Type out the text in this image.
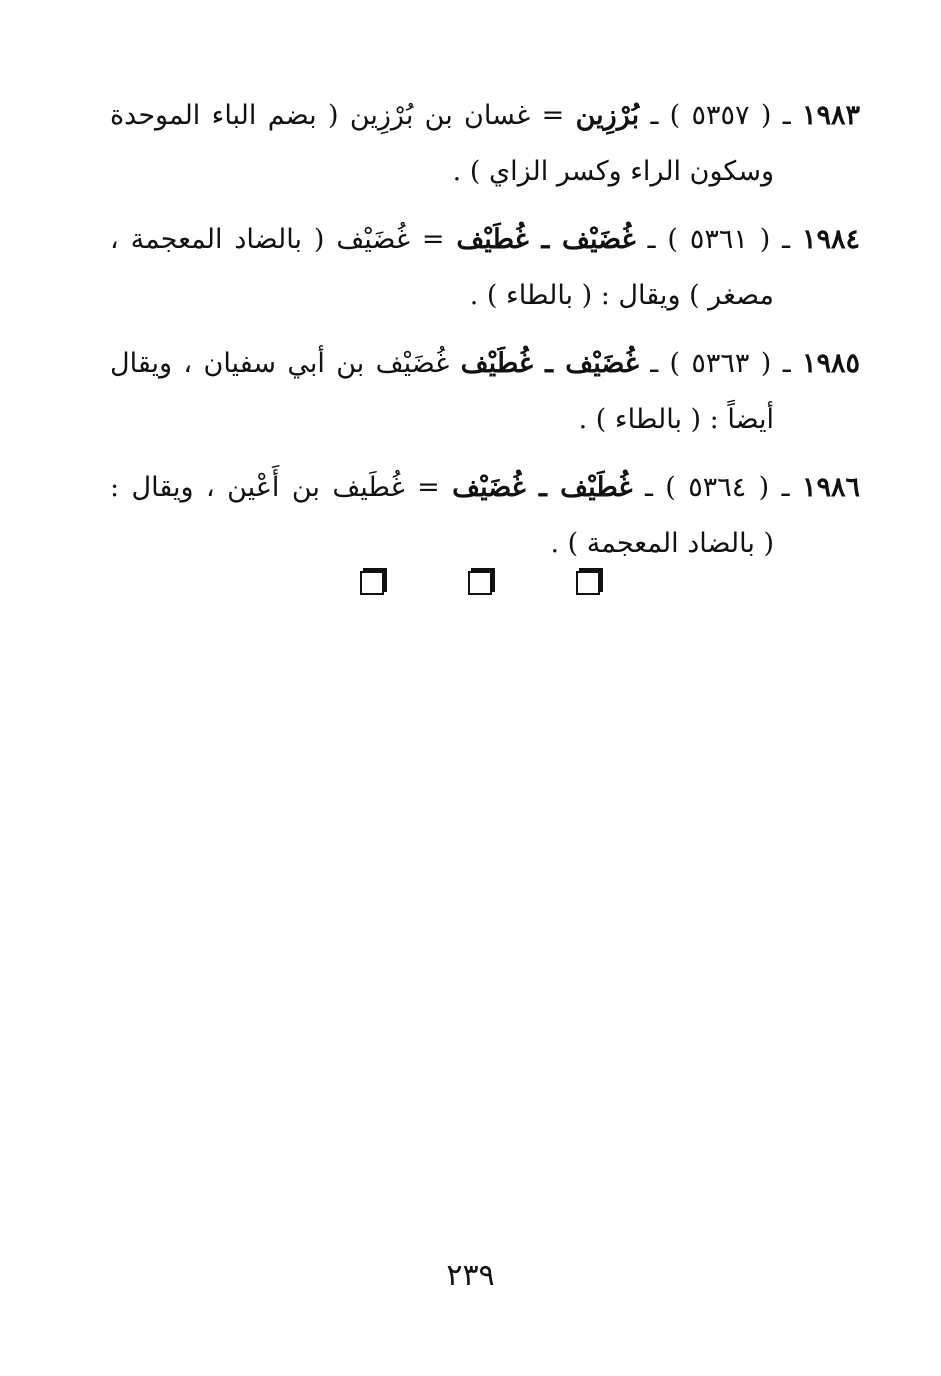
١٩٨٣ ـ ( ٥٣٥٧ ) ـ بُرْزِين = غسان بن بُرْزِين ( بضم الباء الموحدة
وسكون الراء وكسر الزاي ) .
١٩٨٤ ـ ( ٥٣٦١ ) ـ غُضَيْف ـ غُطَيْف = غُضَيْف ( بالضاد المعجمة ،
مصغر ) ويقال : ( بالطاء ) .
١٩٨٥ ـ ( ٥٣٦٣ ) ـ غُضَيْف ـ غُطَيْف غُضَيْف بن أبي سفيان ، ويقال
أيضاً : ( بالطاء ) .
١٩٨٦ ـ ( ٥٣٦٤ ) ـ غُطَيْف ـ غُضَيْف = غُطَيف بن أَعْين ، ويقال :
( بالضاد المعجمة ) .
٢٣٩
